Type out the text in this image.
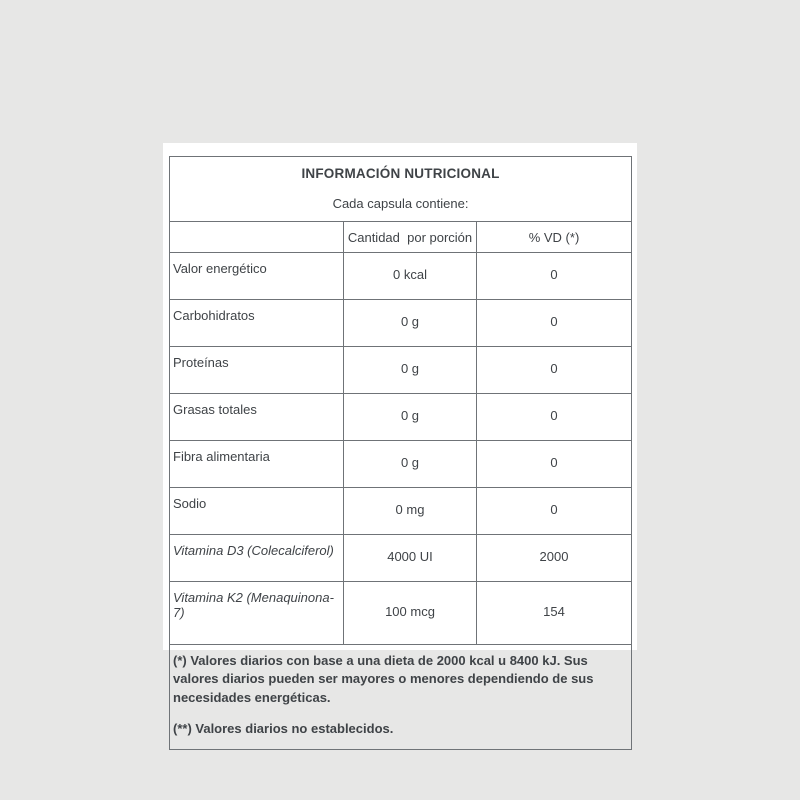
INFORMACIÓN NUTRICIONAL
Cada capsula contiene:		

	Cantidad  por porción	% VD (*)
Valor energético	0 kcal	0
Carbohidratos	0 g	0
Proteínas	0 g	0
Grasas totales	0 g	0
Fibra alimentaria	0 g	0
Sodio	0 mg	0
Vitamina D3 (Colecalciferol)	4000 UI	2000
Vitamina K2 (Menaquinona-7)	100 mcg	154

(*) Valores diarios con base a una dieta de 2000 kcal u 8400 kJ. Sus valores diarios pueden ser mayores o menores dependiendo de sus necesidades energéticas.

(**) Valores diarios no establecidos.		
